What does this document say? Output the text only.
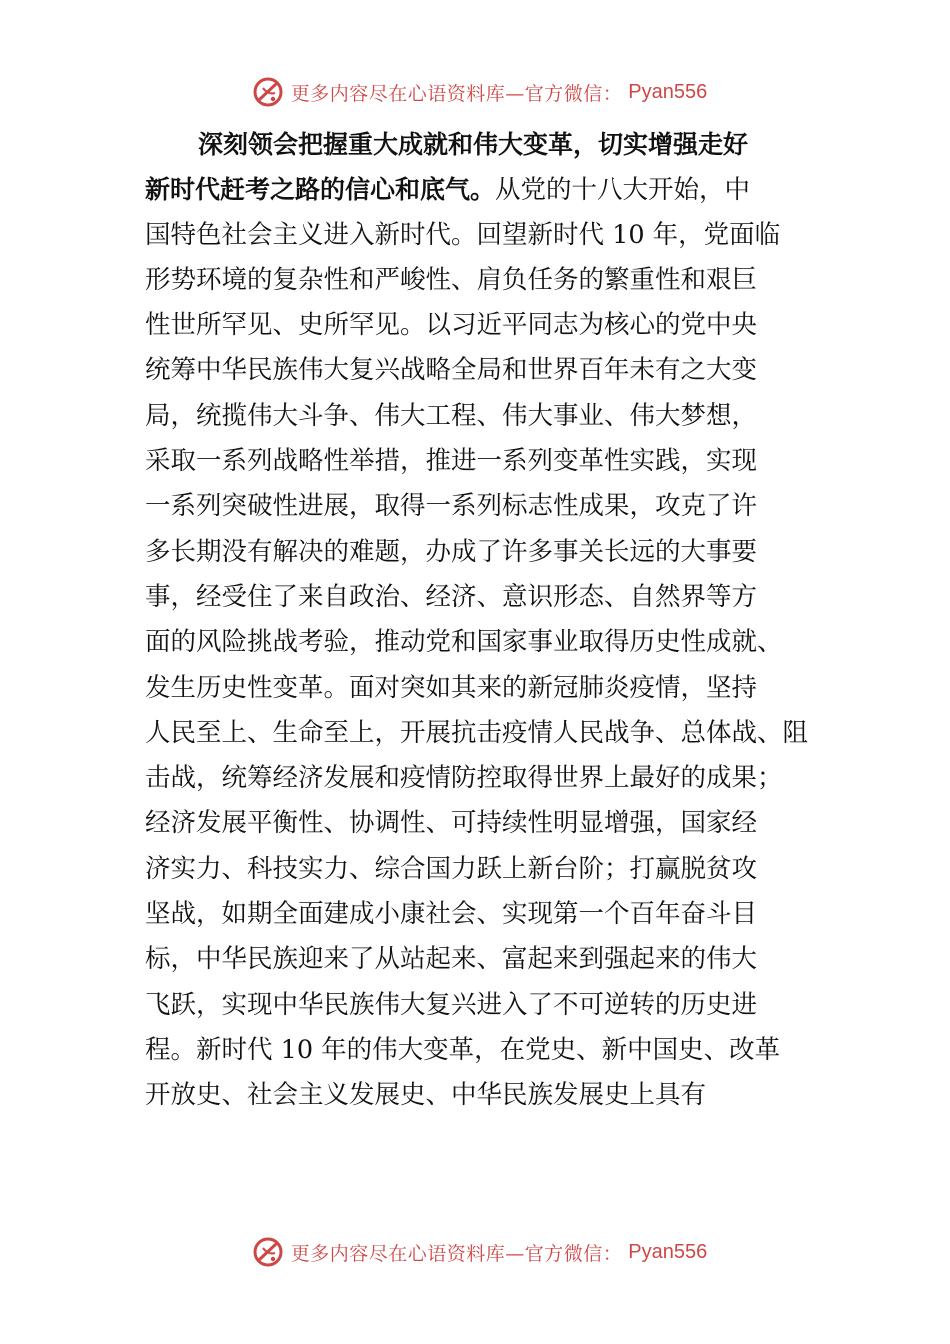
更多内容尽在心语资料库—官方微信： Pyan556
深刻领会把握重大成就和伟大变革，切实增强走好
新时代赶考之路的信心和底气。从党的十八大开始，中
国特色社会主义进入新时代。回望新时代 10 年，党面临
形势环境的复杂性和严峻性、肩负任务的繁重性和艰巨
性世所罕见、史所罕见。以习近平同志为核心的党中央
统筹中华民族伟大复兴战略全局和世界百年未有之大变
局，统揽伟大斗争、伟大工程、伟大事业、伟大梦想，
采取一系列战略性举措，推进一系列变革性实践，实现
一系列突破性进展，取得一系列标志性成果，攻克了许
多长期没有解决的难题，办成了许多事关长远的大事要
事，经受住了来自政治、经济、意识形态、自然界等方
面的风险挑战考验，推动党和国家事业取得历史性成就、
发生历史性变革。面对突如其来的新冠肺炎疫情，坚持
人民至上、生命至上，开展抗击疫情人民战争、总体战、阻
击战，统筹经济发展和疫情防控取得世界上最好的成果；
经济发展平衡性、协调性、可持续性明显增强，国家经
济实力、科技实力、综合国力跃上新台阶；打赢脱贫攻
坚战，如期全面建成小康社会、实现第一个百年奋斗目
标，中华民族迎来了从站起来、富起来到强起来的伟大
飞跃，实现中华民族伟大复兴进入了不可逆转的历史进
程。新时代 10 年的伟大变革，在党史、新中国史、改革
开放史、社会主义发展史、中华民族发展史上具有
更多内容尽在心语资料库—官方微信： Pyan556
